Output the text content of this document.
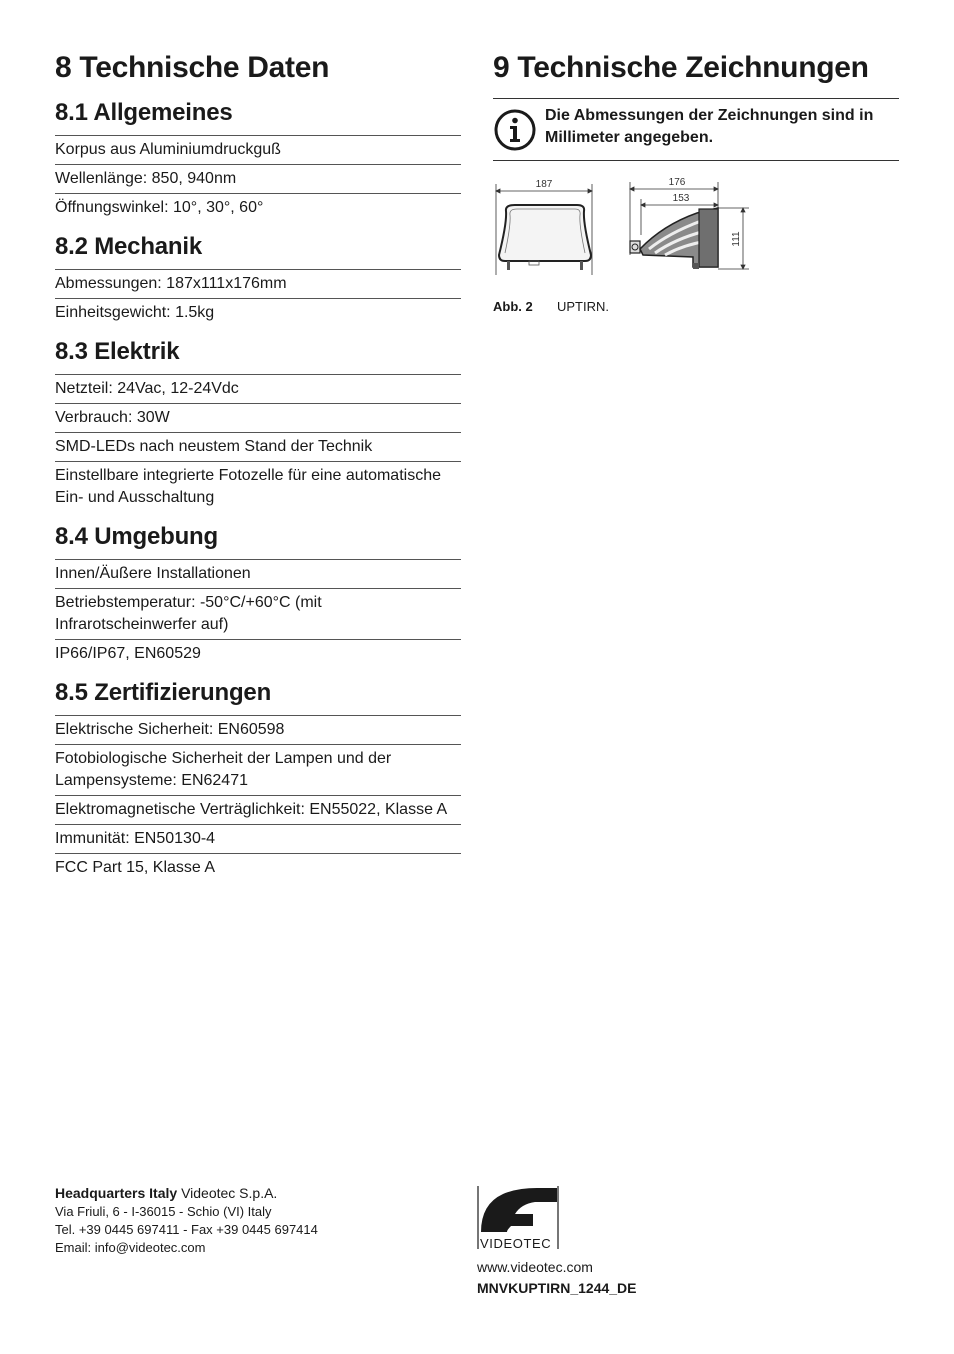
8 Technische Daten
8.1 Allgemeines
Korpus aus Aluminiumdruckguß
Wellenlänge: 850, 940nm
Öffnungswinkel: 10°, 30°, 60°
8.2 Mechanik
Abmessungen: 187x111x176mm
Einheitsgewicht: 1.5kg
8.3 Elektrik
Netzteil: 24Vac, 12-24Vdc
Verbrauch: 30W
SMD-LEDs nach neustem Stand der Technik
Einstellbare integrierte Fotozelle für eine automatische Ein- und Ausschaltung
8.4 Umgebung
Innen/Äußere Installationen
Betriebstemperatur: -50°C/+60°C (mit Infrarotscheinwerfer auf)
IP66/IP67, EN60529
8.5 Zertifizierungen
Elektrische Sicherheit: EN60598
Fotobiologische Sicherheit der Lampen und der Lampensysteme: EN62471
Elektromagnetische Verträglichkeit: EN55022, Klasse A
Immunität: EN50130-4
FCC Part 15, Klasse A
9 Technische Zeichnungen
Die Abmessungen der Zeichnungen sind in Millimeter angegeben.
187	176
153
111
Abb. 2 UPTIRN.
Headquarters Italy Videotec S.p.A.
Via Friuli, 6 - I-36015 - Schio (VI) Italy
Tel. +39 0445 697411 - Fax +39 0445 697414
Email: info@videotec.com	VIDEOTEC
www.videotec.com
MNVKUPTIRN_1244_DE
